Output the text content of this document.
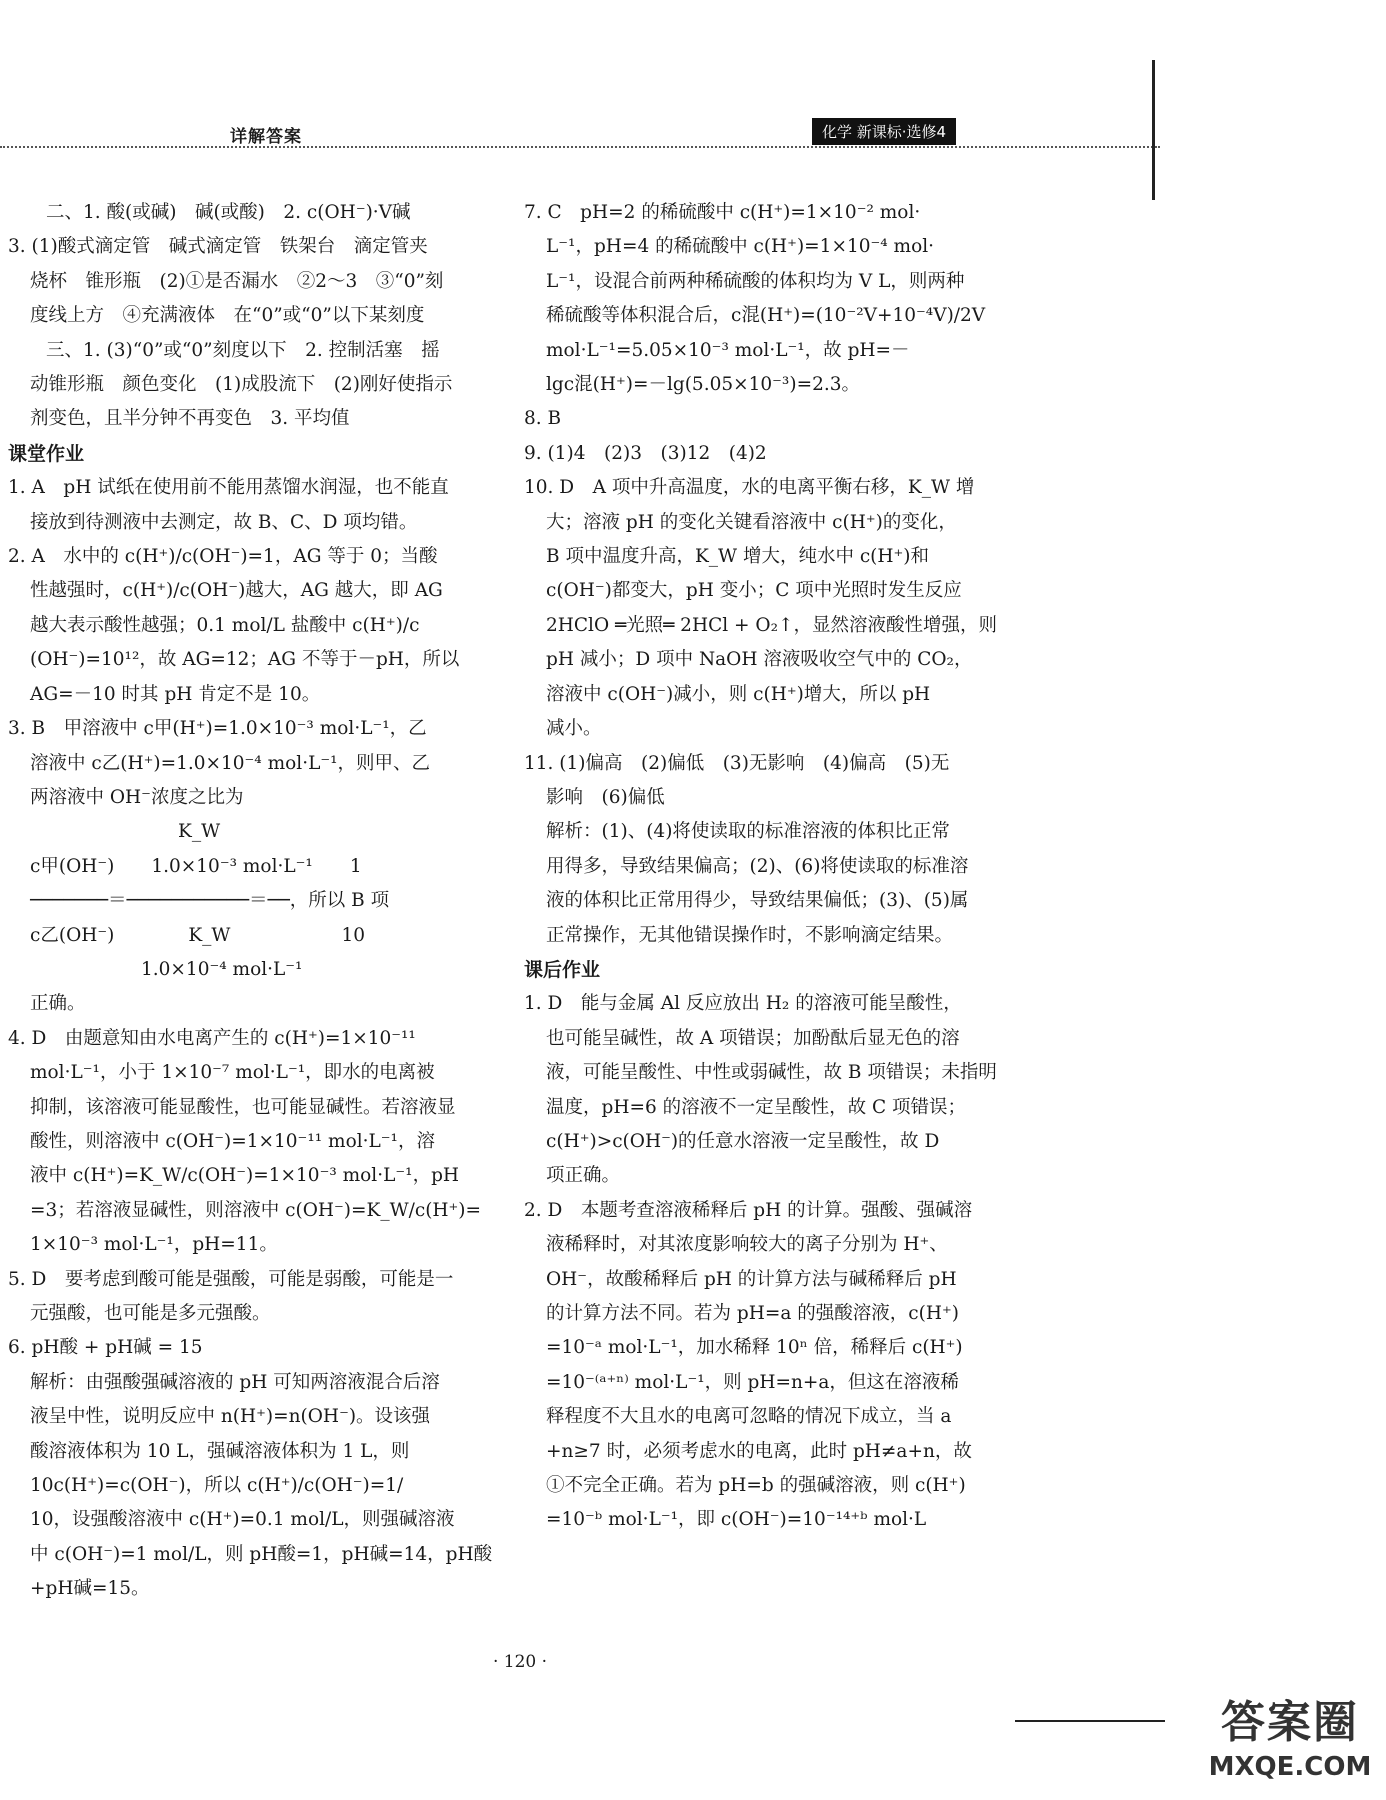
详解答案	化学 新课标·选修4
二、1. 酸(或碱)　碱(或酸)　2. c(OH⁻)·V碱
3. (1)酸式滴定管　碱式滴定管　铁架台　滴定管夹
烧杯　锥形瓶　(2)①是否漏水　②2～3　③“0”刻
度线上方　④充满液体　在“0”或“0”以下某刻度
三、1. (3)“0”或“0”刻度以下　2. 控制活塞　摇
动锥形瓶　颜色变化　(1)成股流下　(2)刚好使指示
剂变色，且半分钟不再变色　3. 平均值
课堂作业
1. A　pH 试纸在使用前不能用蒸馏水润湿，也不能直
接放到待测液中去测定，故 B、C、D 项均错。
2. A　水中的 c(H⁺)/c(OH⁻)=1，AG 等于 0；当酸
性越强时，c(H⁺)/c(OH⁻)越大，AG 越大，即 AG
越大表示酸性越强；0.1 mol/L 盐酸中 c(H⁺)/c
(OH⁻)=10¹²，故 AG=12；AG 不等于－pH，所以
AG=－10 时其 pH 肯定不是 10。
3. B　甲溶液中 c甲(H⁺)=1.0×10⁻³ mol·L⁻¹，乙
溶液中 c乙(H⁺)=1.0×10⁻⁴ mol·L⁻¹，则甲、乙
两溶液中 OH⁻浓度之比为
　　　　　　　　K_W
c甲(OH⁻)　　1.0×10⁻³ mol·L⁻¹　　1
───────＝───────────＝──，所以 B 项
c乙(OH⁻)　　　　K_W　　　　　　10
　　　　　　1.0×10⁻⁴ mol·L⁻¹
正确。
4. D　由题意知由水电离产生的 c(H⁺)=1×10⁻¹¹
mol·L⁻¹，小于 1×10⁻⁷ mol·L⁻¹，即水的电离被
抑制，该溶液可能显酸性，也可能显碱性。若溶液显
酸性，则溶液中 c(OH⁻)=1×10⁻¹¹ mol·L⁻¹，溶
液中 c(H⁺)=K_W/c(OH⁻)=1×10⁻³ mol·L⁻¹，pH
=3；若溶液显碱性，则溶液中 c(OH⁻)=K_W/c(H⁺)=
1×10⁻³ mol·L⁻¹，pH=11。
5. D　要考虑到酸可能是强酸，可能是弱酸，可能是一
元强酸，也可能是多元强酸。
6. pH酸 + pH碱 = 15
解析：由强酸强碱溶液的 pH 可知两溶液混合后溶
液呈中性，说明反应中 n(H⁺)=n(OH⁻)。设该强
酸溶液体积为 10 L，强碱溶液体积为 1 L，则
10c(H⁺)=c(OH⁻)，所以 c(H⁺)/c(OH⁻)=1/
10，设强酸溶液中 c(H⁺)=0.1 mol/L，则强碱溶液
中 c(OH⁻)=1 mol/L，则 pH酸=1，pH碱=14，pH酸
+pH碱=15。
7. C　pH=2 的稀硫酸中 c(H⁺)=1×10⁻² mol·
L⁻¹，pH=4 的稀硫酸中 c(H⁺)=1×10⁻⁴ mol·
L⁻¹，设混合前两种稀硫酸的体积均为 V L，则两种
稀硫酸等体积混合后，c混(H⁺)=(10⁻²V+10⁻⁴V)/2V
mol·L⁻¹=5.05×10⁻³ mol·L⁻¹，故 pH=－
lgc混(H⁺)=－lg(5.05×10⁻³)=2.3。
8. B
9. (1)4　(2)3　(3)12　(4)2
10. D　A 项中升高温度，水的电离平衡右移，K_W 增
大；溶液 pH 的变化关键看溶液中 c(H⁺)的变化，
B 项中温度升高，K_W 增大，纯水中 c(H⁺)和
c(OH⁻)都变大，pH 变小；C 项中光照时发生反应
2HClO ═光照═ 2HCl + O₂↑，显然溶液酸性增强，则
pH 减小；D 项中 NaOH 溶液吸收空气中的 CO₂，
溶液中 c(OH⁻)减小，则 c(H⁺)增大，所以 pH
减小。
11. (1)偏高　(2)偏低　(3)无影响　(4)偏高　(5)无
影响　(6)偏低
解析：(1)、(4)将使读取的标准溶液的体积比正常
用得多，导致结果偏高；(2)、(6)将使读取的标准溶
液的体积比正常用得少，导致结果偏低；(3)、(5)属
正常操作，无其他错误操作时，不影响滴定结果。
课后作业
1. D　能与金属 Al 反应放出 H₂ 的溶液可能呈酸性，
也可能呈碱性，故 A 项错误；加酚酞后显无色的溶
液，可能呈酸性、中性或弱碱性，故 B 项错误；未指明
温度，pH=6 的溶液不一定呈酸性，故 C 项错误；
c(H⁺)>c(OH⁻)的任意水溶液一定呈酸性，故 D
项正确。
2. D　本题考查溶液稀释后 pH 的计算。强酸、强碱溶
液稀释时，对其浓度影响较大的离子分别为 H⁺、
OH⁻，故酸稀释后 pH 的计算方法与碱稀释后 pH
的计算方法不同。若为 pH=a 的强酸溶液，c(H⁺)
=10⁻ᵃ mol·L⁻¹，加水稀释 10ⁿ 倍，稀释后 c(H⁺)
=10⁻⁽ᵃ⁺ⁿ⁾ mol·L⁻¹，则 pH=n+a，但这在溶液稀
释程度不大且水的电离可忽略的情况下成立，当 a
+n≥7 时，必须考虑水的电离，此时 pH≠a+n，故
①不完全正确。若为 pH=b 的强碱溶液，则 c(H⁺)
=10⁻ᵇ mol·L⁻¹，即 c(OH⁻)=10⁻¹⁴⁺ᵇ mol·L
· 120 ·
答案圈
MXQE.COM
